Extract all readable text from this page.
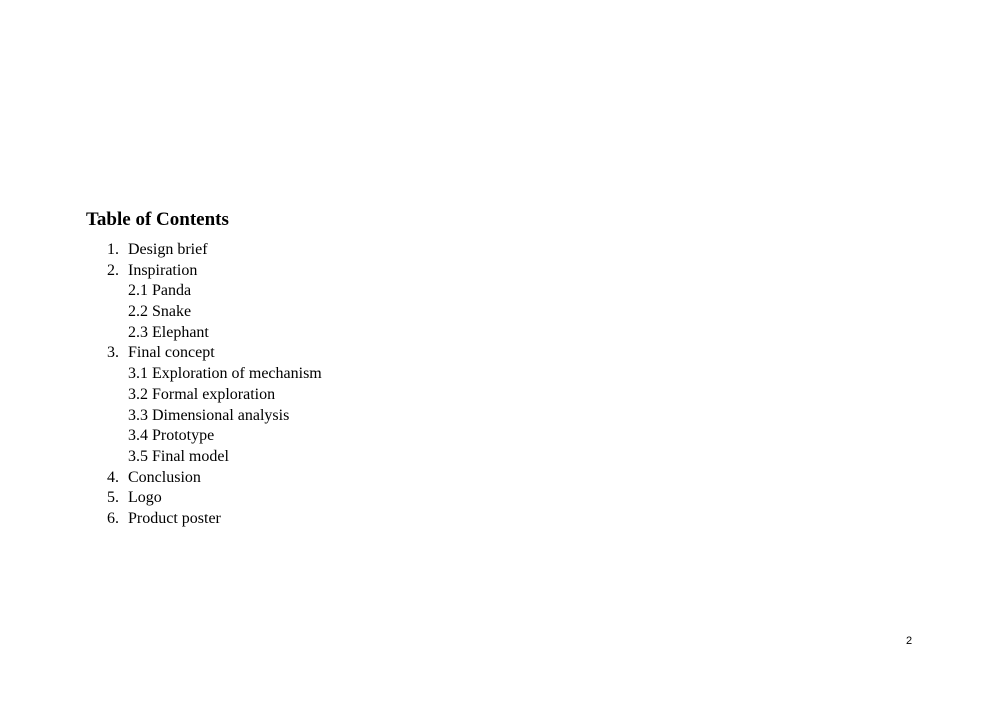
Table of Contents
1. Design brief
2. Inspiration
2.1 Panda
2.2 Snake
2.3 Elephant
3. Final concept
3.1 Exploration of mechanism
3.2 Formal exploration
3.3 Dimensional analysis
3.4 Prototype
3.5 Final model
4. Conclusion
5. Logo
6. Product poster
2
